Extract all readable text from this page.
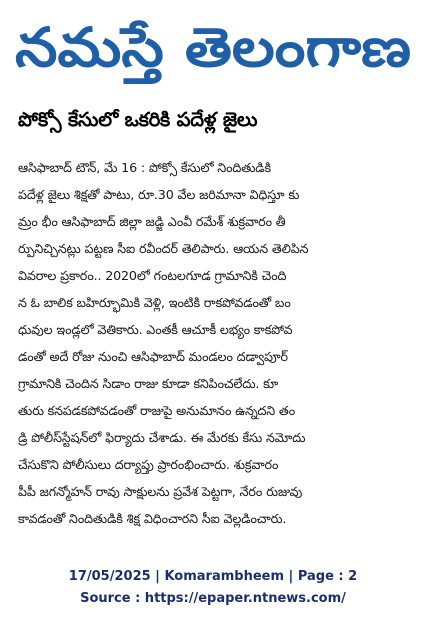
నమస్తే తెలంగాణ
పోక్సో కేసులో ఒకరికి పదేళ్ల జైలు
ఆసిఫాబాద్ టౌన్, మే 16 : పోక్సో కేసులో నిందితుడికి
పదేళ్ల జైలు శిక్షతో పాటు, రూ.30 వేల జరిమానా విధిస్తూ కు
మ్రం భీం ఆసిఫాబాద్ జిల్లా జడ్జి ఎంవీ రమేశ్ శుక్రవారం తీ
ర్పునిచ్చినట్లు పట్టణ సీఐ రవీందర్ తెలిపారు. ఆయన తెలిపిన
వివరాల ప్రకారం.. 2020లో గంటలగూడ గ్రామానికి చెంది
న ఓ బాలిక బహిర్భూమికి వెళ్లి, ఇంటికి రాకపోవడంతో బం
ధువుల ఇండ్లలో వెతికారు. ఎంతకీ ఆచూకీ లభ్యం కాకపోవ
డంతో అదే రోజు నుంచి ఆసిఫాబాద్ మండలం దడ్వాపూర్
గ్రామానికి చెందిన సిడాం రాజు కూడా కనిపించలేదు. కూ
తురు కనపడకపోవడంతో రాజుపై అనుమానం ఉన్నదని తం
డ్రి పోలీస్‌స్టేషన్‌లో ఫిర్యాదు చేశాడు. ఈ మేరకు కేసు నమోదు
చేసుకొని పోలీసులు దర్యాప్తు ప్రారంభించారు. శుక్రవారం
పీపీ జగన్మోహన్ రావు సాక్షులను ప్రవేశ పెట్టగా, నేరం రుజువు
కావడంతో నిందితుడికి శిక్ష విధించారని సీఐ వెల్లడించారు.
17/05/2025 | Komarambheem | Page : 2
Source : https://epaper.ntnews.com/
